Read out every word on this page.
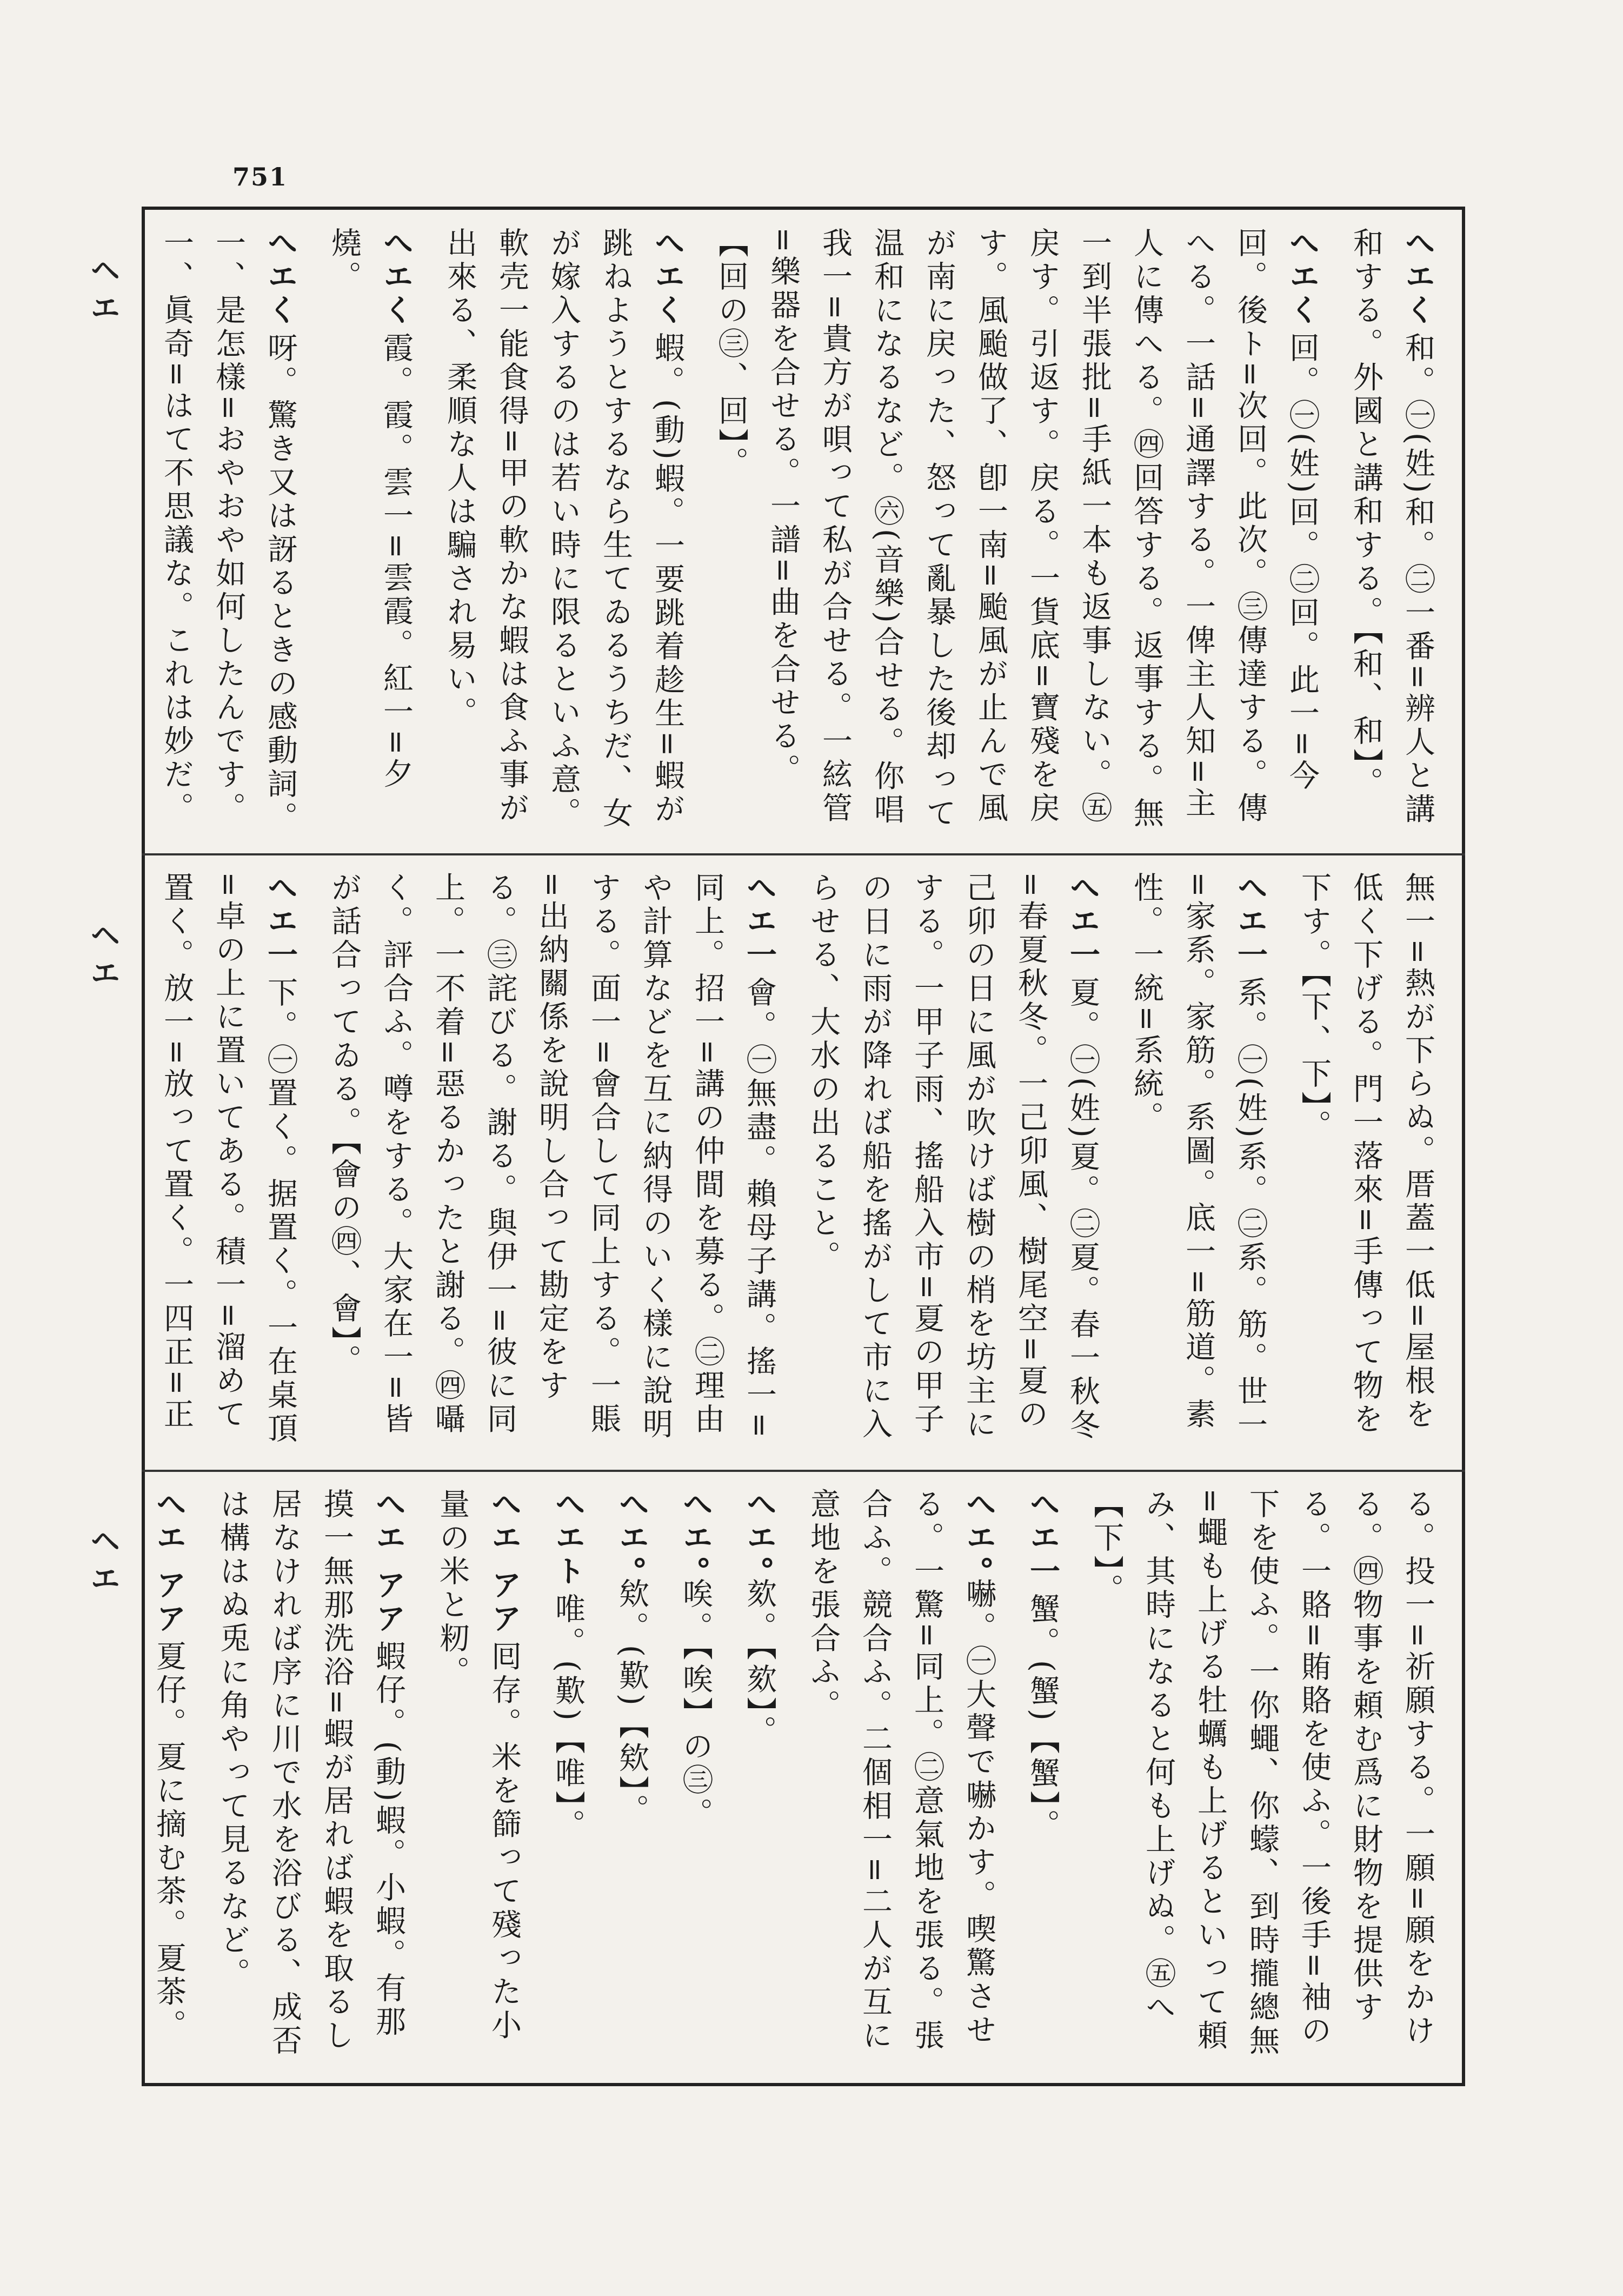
751
ヘエ
ヘエ
ヘエ

へエく和。㊀(姓)和。㊁一番=辨人と講和する。外國と講和する。【和、和】。

へエく回。㊀(姓)回。㊁回。此一=今回。後ト=次回。此次。㊂傳達する。傳へる。一話=通譯する。一俾主人知=主人に傳へる。㊃回答する。返事する。無一到半張批=手紙一本も返事しない。㊄戻す。引返す。戻る。一貨底=寶殘を戻す。風颱做了、卽一南=颱風が止んで風が南に戻った、怒って亂暴した後却って温和になるなど。㊅(音樂)合せる。你唱我一=貴方が唄って私が合せる。一絃管=樂器を合せる。一譜=曲を合せる。【回の㊂、回】。

へエく蝦。(動)蝦。一要跳着趁生=蝦が跳ねようとするなら生てゐるうちだ、女が嫁入するのは若い時に限るといふ意。軟壳一能食得=甲の軟かな蝦は食ふ事が出來る、柔順な人は騙され易い。

へエく霞。霞。雲一=雲霞。紅一=夕燒。

へエく呀。驚き又は訝るときの感動詞。一、是怎樣=おやおや如何したんです。一、眞奇=はて不思議な。これは妙だ。

無一=熱が下らぬ。厝蓋一低=屋根を低く下げる。門一落來=手傳って物を下す。【下、下】。

へエ一系。㊀(姓)系。㊁系。筋。世一=家系。家筋。系圖。底一=筋道。素性。一統=系統。

へエ一夏。㊀(姓)夏。㊁夏。春一秋冬=春夏秋冬。一己卯風、樹尾空=夏の己卯の日に風が吹けば樹の梢を坊主にする。一甲子雨、搖船入市=夏の甲子の日に雨が降れば船を搖がして市に入らせる、大水の出ること。

へエ一會。㊀無盡。賴母子講。搖一=同上。招一=講の仲間を募る。㊁理由や計算などを互に納得のいく樣に說明する。面一=會合して同上する。一賬=出納關係を說明し合って勘定をする。㊂詫びる。謝る。與伊一=彼に同上。一不着=惡るかったと謝る。㊃囁く。評合ふ。噂をする。大家在一=皆が話合ってゐる。【會の㊃、會】。

へエ一下。㊀置く。据置く。一在桌頂=卓の上に置いてある。積一=溜めて置く。放一=放って置く。一四正=正

る。投一=祈願する。一願=願をかける。㊃物事を頼む爲に財物を提供する。一賂=賄賂を使ふ。一後手=袖の下を使ふ。一你蠅、你蠓、到時攏總無=蠅も上げる牡蠣も上げるといって頼み、其時になると何も上げぬ。㊄へ【下】。

へエ一蟹。(蟹)【蟹】。

へエ°嚇。㊀大聲で嚇かす。喫驚させる。一驚=同上。㊁意氣地を張る。張合ふ。競合ふ。二個相一=二人が互に意地を張合ふ。

へエ°欬。【欬】。

へエ°唉。【唉】の㊂。

へエ°欸。(歎)【欸】。

へエト唯。(歎)【唯】。

へエ アア囘存。米を篩って殘った小量の米と籾。

へエ アア蝦仔。(動)蝦。小蝦。有那摸一無那洗浴=蝦が居れば蝦を取るし居なければ序に川で水を浴びる、成否は構はぬ兎に角やって見るなど。

へエ アア夏仔。夏に摘む茶。夏茶。
